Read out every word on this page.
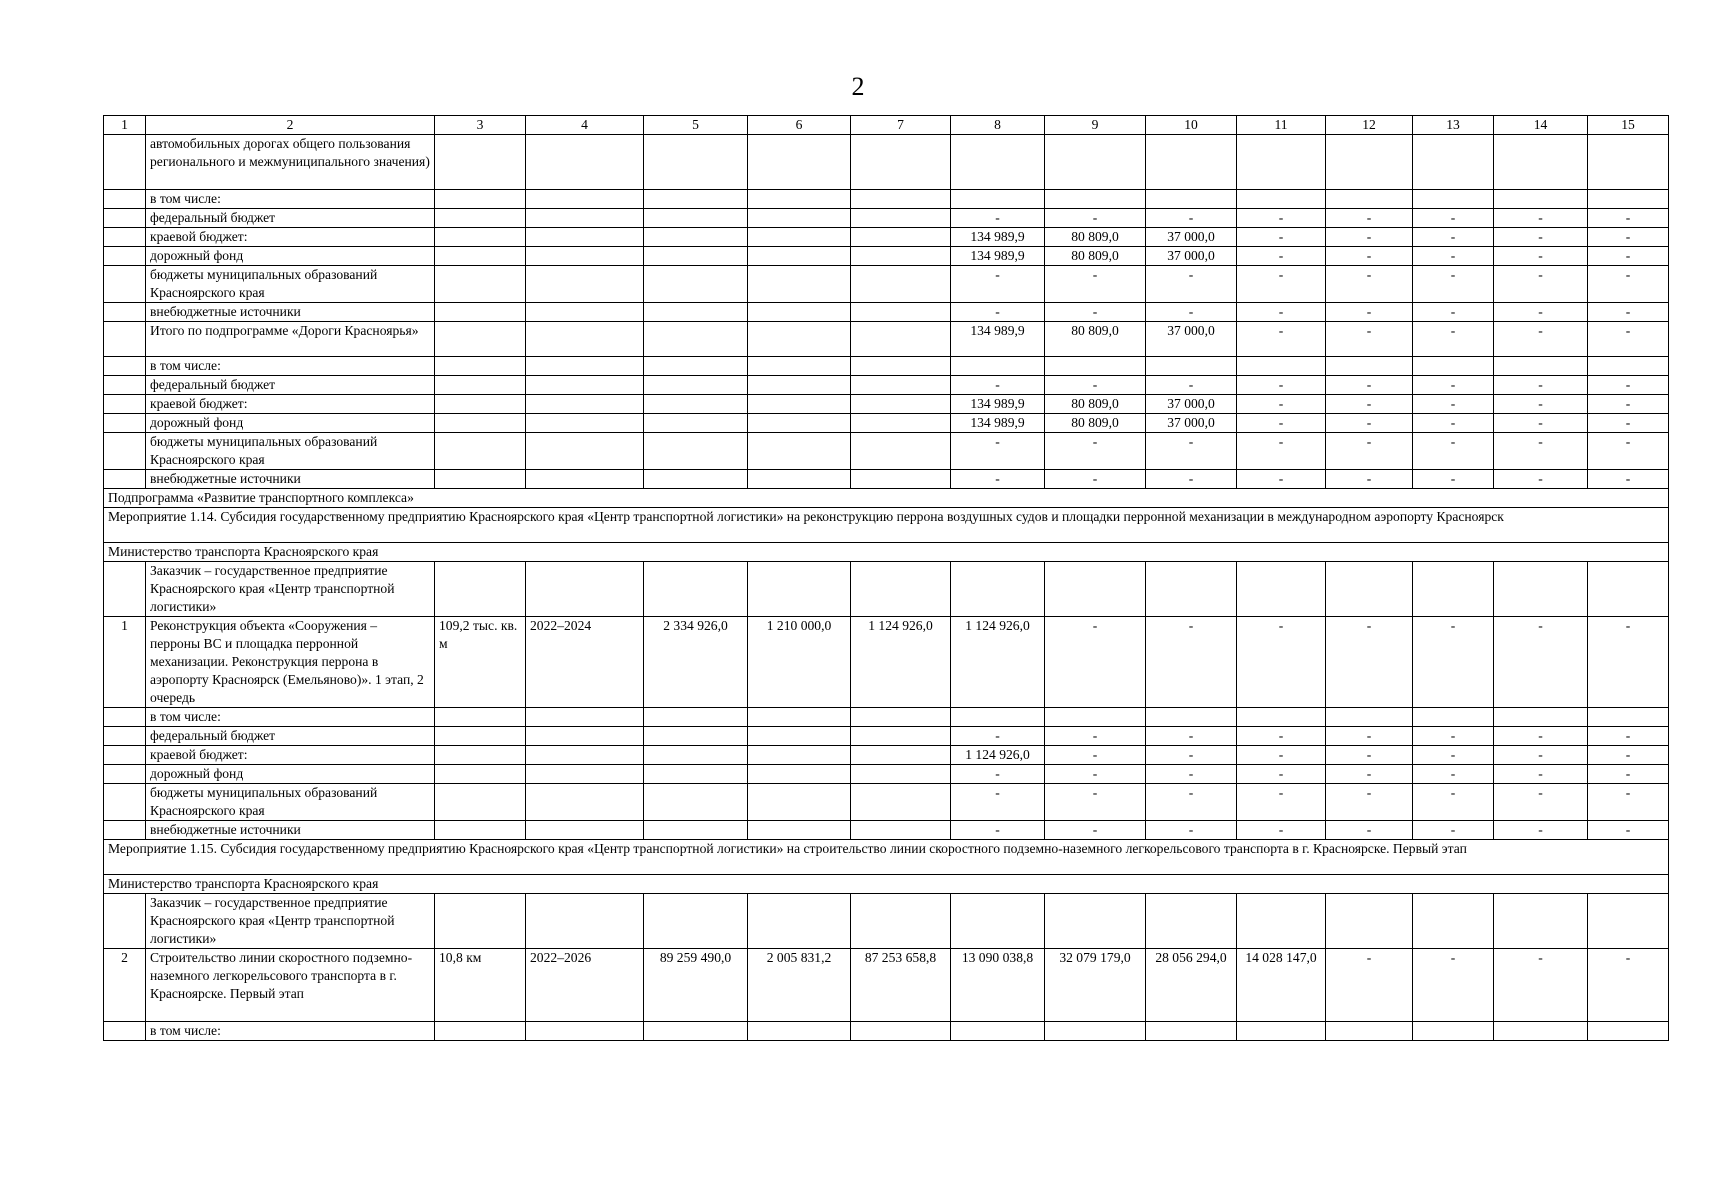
2
1	2	3	4	5	6	7	8	9	10	11	12	13	14	15
	автомобильных дорогах общего пользования регионального и межмуниципального значения)													
	в том числе:													
	федеральный бюджет						-	-	-	-	-	-	-	-
	краевой бюджет:						134 989,9	80 809,0	37 000,0	-	-	-	-	-
	дорожный фонд						134 989,9	80 809,0	37 000,0	-	-	-	-	-
	бюджеты муниципальных образований Красноярского края						-	-	-	-	-	-	-	-
	внебюджетные источники						-	-	-	-	-	-	-	-
	Итого по подпрограмме «Дороги Красноярья»						134 989,9	80 809,0	37 000,0	-	-	-	-	-
	в том числе:													
	федеральный бюджет						-	-	-	-	-	-	-	-
	краевой бюджет:						134 989,9	80 809,0	37 000,0	-	-	-	-	-
	дорожный фонд						134 989,9	80 809,0	37 000,0	-	-	-	-	-
	бюджеты муниципальных образований Красноярского края						-	-	-	-	-	-	-	-
	внебюджетные источники						-	-	-	-	-	-	-	-
Подпрограмма «Развитие транспортного комплекса»														
Мероприятие 1.14. Субсидия государственному предприятию Красноярского края «Центр транспортной логистики» на реконструкцию перрона воздушных судов и площадки перронной механизации в международном аэропорту Красноярск														
Министерство транспорта Красноярского края														
	Заказчик – государственное предприятие Красноярского края «Центр транспортной логистики»													
1	Реконструкция объекта «Сооружения – перроны ВС и площадка перронной механизации. Реконструкция перрона в аэропорту Красноярск (Емельяново)». 1 этап, 2 очередь	109,2 тыс. кв. м	2022–2024	2 334 926,0	1 210 000,0	1 124 926,0	1 124 926,0	-	-	-	-	-	-	-
	в том числе:													
	федеральный бюджет						-	-	-	-	-	-	-	-
	краевой бюджет:						1 124 926,0	-	-	-	-	-	-	-
	дорожный фонд						-	-	-	-	-	-	-	-
	бюджеты муниципальных образований Красноярского края						-	-	-	-	-	-	-	-
	внебюджетные источники						-	-	-	-	-	-	-	-
Мероприятие 1.15. Субсидия государственному предприятию Красноярского края «Центр транспортной логистики» на строительство линии скоростного подземно-наземного легкорельсового транспорта в г. Красноярске. Первый этап														
Министерство транспорта Красноярского края														
	Заказчик – государственное предприятие Красноярского края «Центр транспортной логистики»													
2	Строительство линии скоростного подземно-наземного легкорельсового транспорта в г. Красноярске. Первый этап	10,8 км	2022–2026	89 259 490,0	2 005 831,2	87 253 658,8	13 090 038,8	32 079 179,0	28 056 294,0	14 028 147,0	-	-	-	-
	в том числе:													
